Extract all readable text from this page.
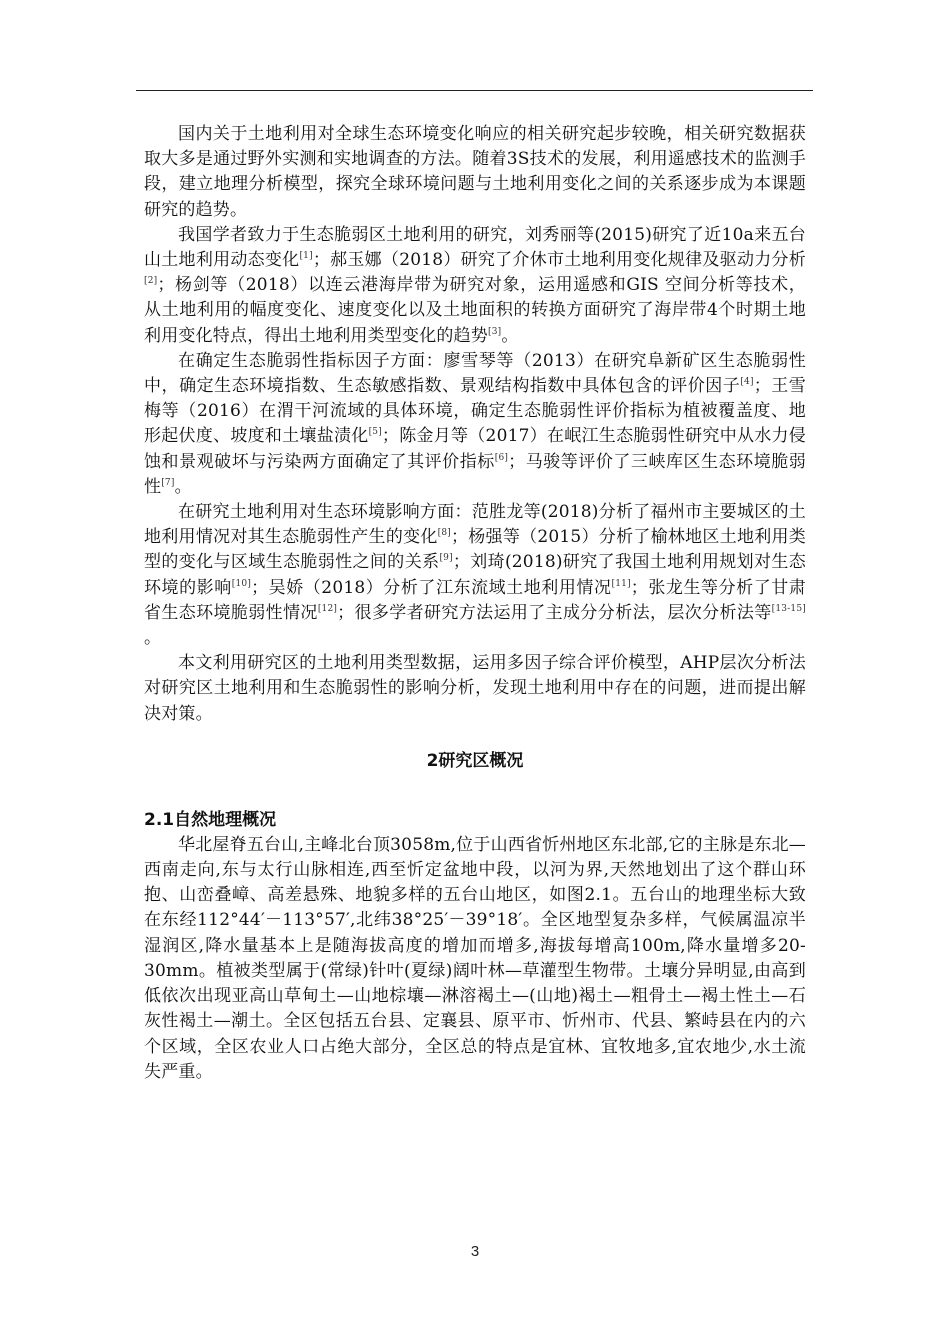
国内关于土地利用对全球生态环境变化响应的相关研究起步较晚，相关研究数据获取大多是通过野外实测和实地调查的方法。随着3S技术的发展，利用遥感技术的监测手段，建立地理分析模型，探究全球环境问题与土地利用变化之间的关系逐步成为本课题研究的趋势。

我国学者致力于生态脆弱区土地利用的研究，刘秀丽等(2015)研究了近10a来五台山土地利用动态变化[1]；郝玉娜（2018）研究了介休市土地利用变化规律及驱动力分析[2]；杨剑等（2018）以连云港海岸带为研究对象，运用遥感和GIS 空间分析等技术，从土地利用的幅度变化、速度变化以及土地面积的转换方面研究了海岸带4个时期土地利用变化特点，得出土地利用类型变化的趋势[3]。

在确定生态脆弱性指标因子方面：廖雪琴等（2013）在研究阜新矿区生态脆弱性中，确定生态环境指数、生态敏感指数、景观结构指数中具体包含的评价因子[4]；王雪梅等（2016）在渭干河流域的具体环境，确定生态脆弱性评价指标为植被覆盖度、地形起伏度、坡度和土壤盐渍化[5]；陈金月等（2017）在岷江生态脆弱性研究中从水力侵蚀和景观破坏与污染两方面确定了其评价指标[6]；马骏等评价了三峡库区生态环境脆弱性[7]。

在研究土地利用对生态环境影响方面：范胜龙等(2018)分析了福州市主要城区的土地利用情况对其生态脆弱性产生的变化[8]；杨强等（2015）分析了榆林地区土地利用类型的变化与区域生态脆弱性之间的关系[9]；刘琦(2018)研究了我国土地利用规划对生态环境的影响[10]；吴娇（2018）分析了江东流域土地利用情况[11]；张龙生等分析了甘肃省生态环境脆弱性情况[12]；很多学者研究方法运用了主成分分析法，层次分析法等[13-15] 。

本文利用研究区的土地利用类型数据，运用多因子综合评价模型，AHP层次分析法对研究区土地利用和生态脆弱性的影响分析，发现土地利用中存在的问题，进而提出解决对策。

2研究区概况
2.1自然地理概况

华北屋脊五台山,主峰北台顶3058m,位于山西省忻州地区东北部,它的主脉是东北—西南走向,东与太行山脉相连,西至忻定盆地中段，以河为界,天然地划出了这个群山环抱、山峦叠嶂、高差悬殊、地貌多样的五台山地区，如图2.1。五台山的地理坐标大致在东经112°44′－113°57′,北纬38°25′－39°18′。全区地型复杂多样，气候属温凉半湿润区,降水量基本上是随海拔高度的增加而增多,海拔每增高100m,降水量增多20-30mm。植被类型属于(常绿)针叶(夏绿)阔叶林—草灌型生物带。土壤分异明显,由高到低依次出现亚高山草甸土—山地棕壤—淋溶褐土—(山地)褐土—粗骨土—褐土性土—石灰性褐土—潮土。全区包括五台县、定襄县、原平市、忻州市、代县、繁峙县在内的六个区域，全区农业人口占绝大部分，全区总的特点是宜林、宜牧地多,宜农地少,水土流失严重。

3
